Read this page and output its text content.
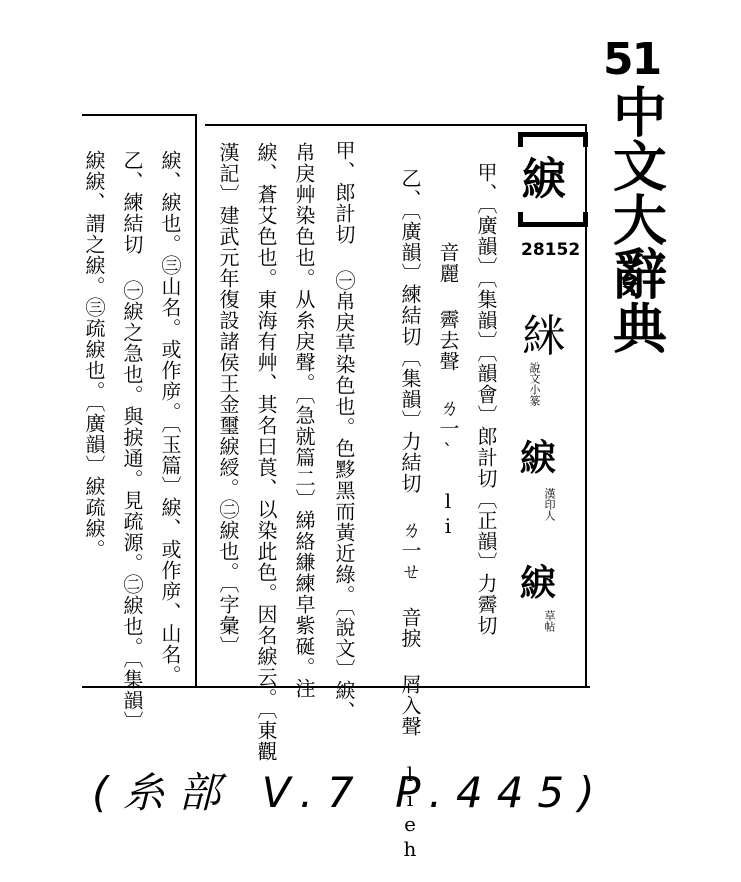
51
中文大辭典
綟
28152
䋛
說文小篆
綟
漢印人
綟
草帖
甲、〔廣韻〕〔集韻〕〔韻會〕郎計切〔正韻〕力霽切
音麗 霽去聲 ㄌ一ˋ li
乙、〔廣韻〕練結切〔集韻〕力結切 ㄌ一ㄝ 音捩 屑入聲 lieh
甲、郎計切 ㊀帛戾草染色也。色黟黑而黃近綠。〔說文〕綟、
帛戾艸染色也。从糸戾聲。〔急就篇二〕綈絡縑練皁紫硟。注
綟、蒼艾色也。東海有艸、其名曰莨、以染此色。因名綟云。〔東觀
漢記〕建武元年復設諸侯王金璽綟綬。㊁綟也。〔字彙〕
綟、綟也。㊂山名。或作㡿。〔玉篇〕綟、或作㡿、山名。
乙、練結切 ㊀綟之急也。與捩通。見疏源。㊁綟也。〔集韻〕
綟綟、謂之綟。㊂疏綟也。〔廣韻〕綟疏綟。
(糸部 V.7 P.445)
